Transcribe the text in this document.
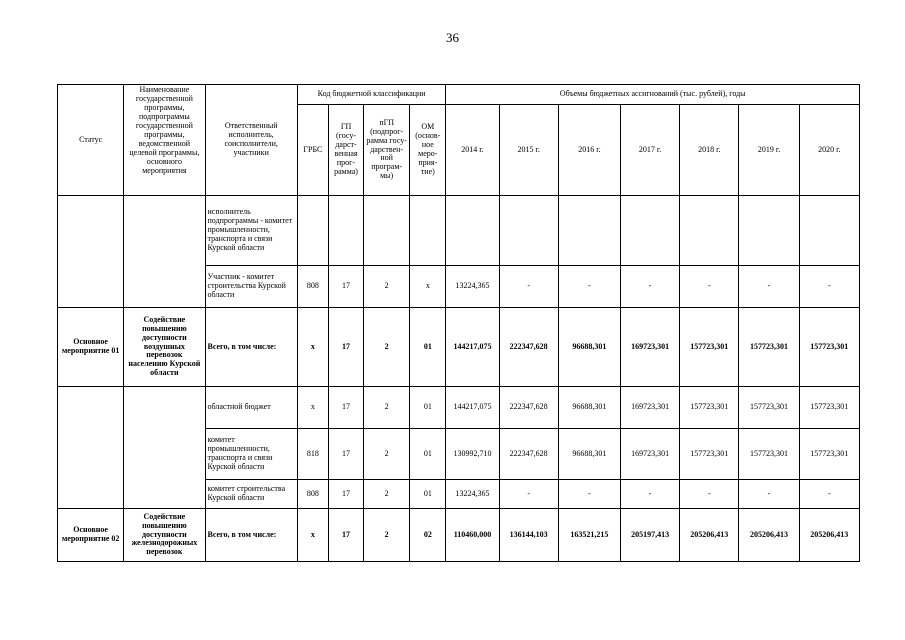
36
Статус	Наименование государственной программы, подпрограммы государственной программы, ведомственной целевой программы, основного мероприятия	Ответственный исполнитель, соисполнители, участники	Код бюджетной классификации				Объемы бюджетных ассигнований (тыс. рублей), годы						
			ГРБС	ГП (госу-дарст-венная прог-рамма)	пГП (подпрог-рамма госу-дарствен-ной програм-мы)	ОМ (основ-ное меро-прия-тие)	2014 г.	2015 г.	2016 г.	2017 г.	2018 г.	2019 г.	2020 г.
		исполнитель подпрограммы - комитет промышленности, транспорта и связи Курской области											
		Участник - комитет строительства Курской области	808	17	2	х	13224,365	-	-	-	-	-	-
Основное мероприятие 01	Содействие повышению доступности воздушных перевозок населению Курской области	Всего, в том числе:	х	17	2	01	144217,075	222347,628	96688,301	169723,301	157723,301	157723,301	157723,301
		областной бюджет	х	17	2	01	144217,075	222347,628	96688,301	169723,301	157723,301	157723,301	157723,301
		комитет промышленности, транспорта и связи Курской области	818	17	2	01	130992,710	222347,628	96688,301	169723,301	157723,301	157723,301	157723,301
		комитет строительства Курской области	808	17	2	01	13224,365	-	-	-	-	-	-
Основное мероприятие 02	Содействие повышению доступности железнодорожных перевозок	Всего, в том числе:	х	17	2	02	110460,000	136144,103	163521,215	205197,413	205206,413	205206,413	205206,413
